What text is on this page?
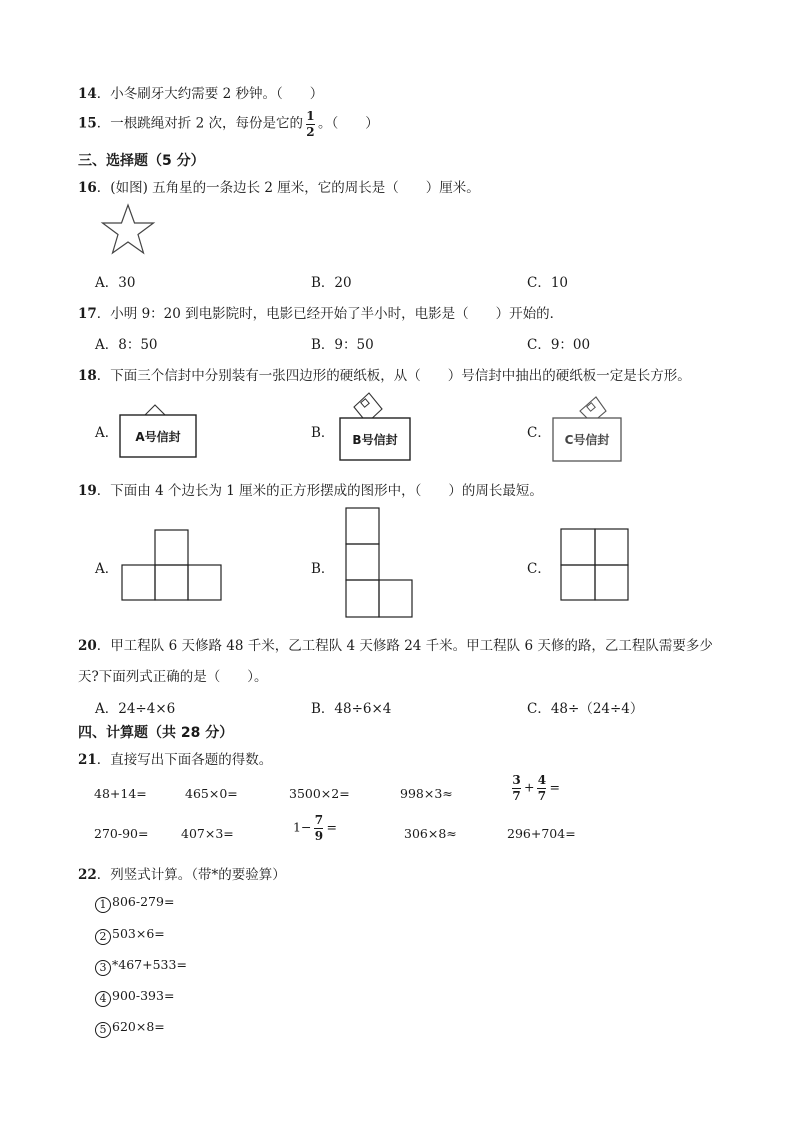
14．小冬刷牙大约需要 2 秒钟。（　　）
15．一根跳绳对折 2 次，每份是它的 $\frac{1}{2}$ 。（　　）
三、选择题（5 分）
16．(如图) 五角星的一条边长 2 厘米，它的周长是（　　）厘米。
A．30	B．20	C．10
17．小明 9：20 到电影院时，电影已经开始了半小时，电影是（　　）开始的．
A．8：50	B．9：50	C．9：00
18．下面三个信封中分别装有一张四边形的硬纸板，从（　　）号信封中抽出的硬纸板一定是长方形。
A．	B．	C．
A号信封	B号信封	C号信封
19．下面由 4 个边长为 1 厘米的正方形摆成的图形中，（　　）的周长最短。
A．	B．	C．
20．甲工程队 6 天修路 48 千米，乙工程队 4 天修路 24 千米。甲工程队 6 天修的路，乙工程队需要多少
天?下面列式正确的是（　　）。
A．24÷4×6	B．48÷6×4	C．48÷（24÷4）
四、计算题（共 28 分）
21．直接写出下面各题的得数。
48+14=	465×0=	3500×2=	998×3≈	$\frac{3}{7} + \frac{4}{7}$ =
270-90=	407×3=	$1- \frac{7}{9}$ =	306×8≈	296+704=
22．列竖式计算。（带*的要验算）
1 806-279=
2 503×6=
3 *467+533=
4 900-393=
5 620×8=
